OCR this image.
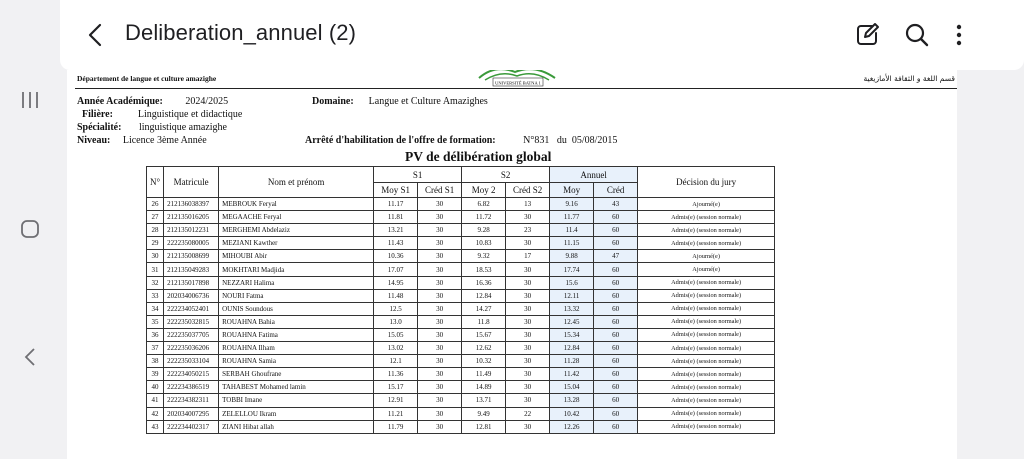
Deliberation_annuel (2)
Département de langue et culture amazighe	قسم اللغة و الثقافة الأمازيغية
UNIVERSITÉ BATNA 1
Année Académique: 2024/2025	Domaine: Langue et Culture Amazighes
Filière:	Linguistique et didactique
Spécialité: linguistique amazighe
Niveau: Licence 3ème Année	Arrêté d'habilitation de l'offre de formation:	N°831 du 05/08/2015
PV de délibération global
N°	Matricule	Nom et prénom	S1		S2		Annuel		Décision du jury
			Moy S1	Créd S1	Moy 2	Créd S2	Moy	Créd	
26	212136038397	MEBROUK Feryal	11.17	30	6.82	13	9.16	43	Ajourné(e)
27	212135016205	MEGAACHE Feryal	11.81	30	11.72	30	11.77	60	Admis(e) (session normale)
28	212135012231	MERGHEMI Abdelaziz	13.21	30	9.28	23	11.4	60	Admis(e) (session normale)
29	222235080005	MEZIANI Kawther	11.43	30	10.83	30	11.15	60	Admis(e) (session normale)
30	212135008699	MIHOUBI Abir	10.36	30	9.32	17	9.88	47	Ajourné(e)
31	212135049283	MOKHTARI Madjida	17.07	30	18.53	30	17.74	60	Ajourné(e)
32	212135017898	NEZZARI Halima	14.95	30	16.36	30	15.6	60	Admis(e) (session normale)
33	202034006736	NOURI Fatma	11.48	30	12.84	30	12.11	60	Admis(e) (session normale)
34	222234052401	OUNIS Soundous	12.5	30	14.27	30	13.32	60	Admis(e) (session normale)
35	222235032815	ROUAHNA Bahia	13.0	30	11.8	30	12.45	60	Admis(e) (session normale)
36	222235037705	ROUAHNA Fatima	15.05	30	15.67	30	15.34	60	Admis(e) (session normale)
37	222235036206	ROUAHNA Ilham	13.02	30	12.62	30	12.84	60	Admis(e) (session normale)
38	222235033104	ROUAHNA Samia	12.1	30	10.32	30	11.28	60	Admis(e) (session normale)
39	222234050215	SERBAH Ghoufrane	11.36	30	11.49	30	11.42	60	Admis(e) (session normale)
40	222234386519	TAHABEST Mohamed lamin	15.17	30	14.89	30	15.04	60	Admis(e) (session normale)
41	222234382311	TOBBI Imane	12.91	30	13.71	30	13.28	60	Admis(e) (session normale)
42	202034007295	ZELELLOU Ikram	11.21	30	9.49	22	10.42	60	Admis(e) (session normale)
43	222234402317	ZIANI Hibat allah	11.79	30	12.81	30	12.26	60	Admis(e) (session normale)
